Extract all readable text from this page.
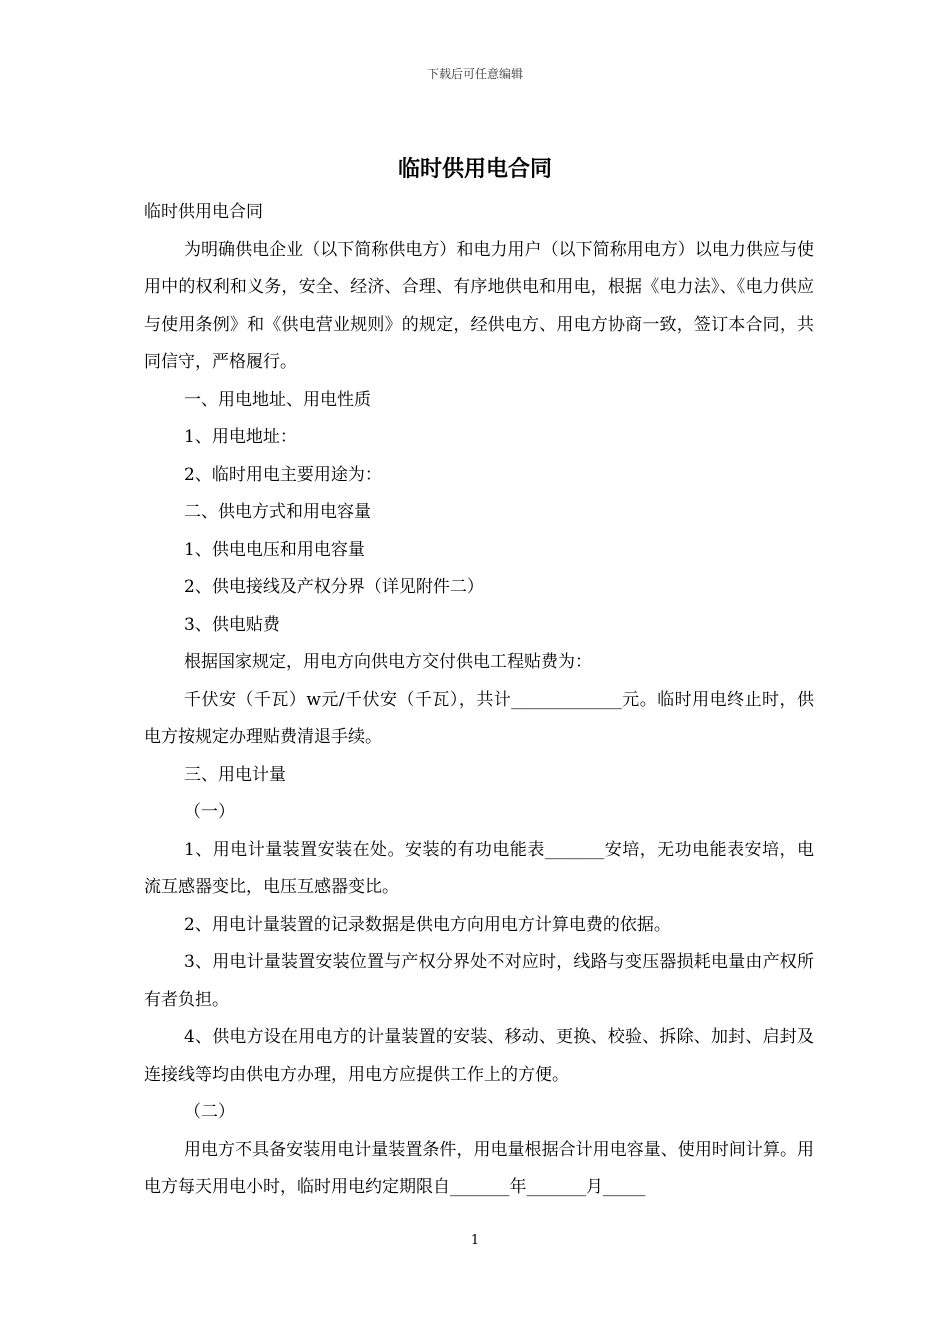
下载后可任意编辑
临时供用电合同

临时供用电合同

为明确供电企业（以下简称供电方）和电力用户（以下简称用电方）以电力供应与使用中的权利和义务，安全、经济、合理、有序地供电和用电，根据《电力法》、《电力供应与使用条例》和《供电营业规则》的规定，经供电方、用电方协商一致，签订本合同，共同信守，严格履行。

一、用电地址、用电性质

1、用电地址：

2、临时用电主要用途为：

二、供电方式和用电容量

1、供电电压和用电容量

2、供电接线及产权分界（详见附件二）

3、供电贴费

根据国家规定，用电方向供电方交付供电工程贴费为：

千伏安（千瓦）w元/千伏安（千瓦），共计_____________元。临时用电终止时，供电方按规定办理贴费清退手续。

三、用电计量

（一）

1、用电计量装置安装在处。安装的有功电能表_______安培，无功电能表安培，电流互感器变比，电压互感器变比。

2、用电计量装置的记录数据是供电方向用电方计算电费的依据。

3、用电计量装置安装位置与产权分界处不对应时，线路与变压器损耗电量由产权所有者负担。

4、供电方设在用电方的计量装置的安装、移动、更换、校验、拆除、加封、启封及连接线等均由供电方办理，用电方应提供工作上的方便。

（二）

用电方不具备安装用电计量装置条件，用电量根据合计用电容量、使用时间计算。用电方每天用电小时，临时用电约定期限自_______年_______月_____

1
